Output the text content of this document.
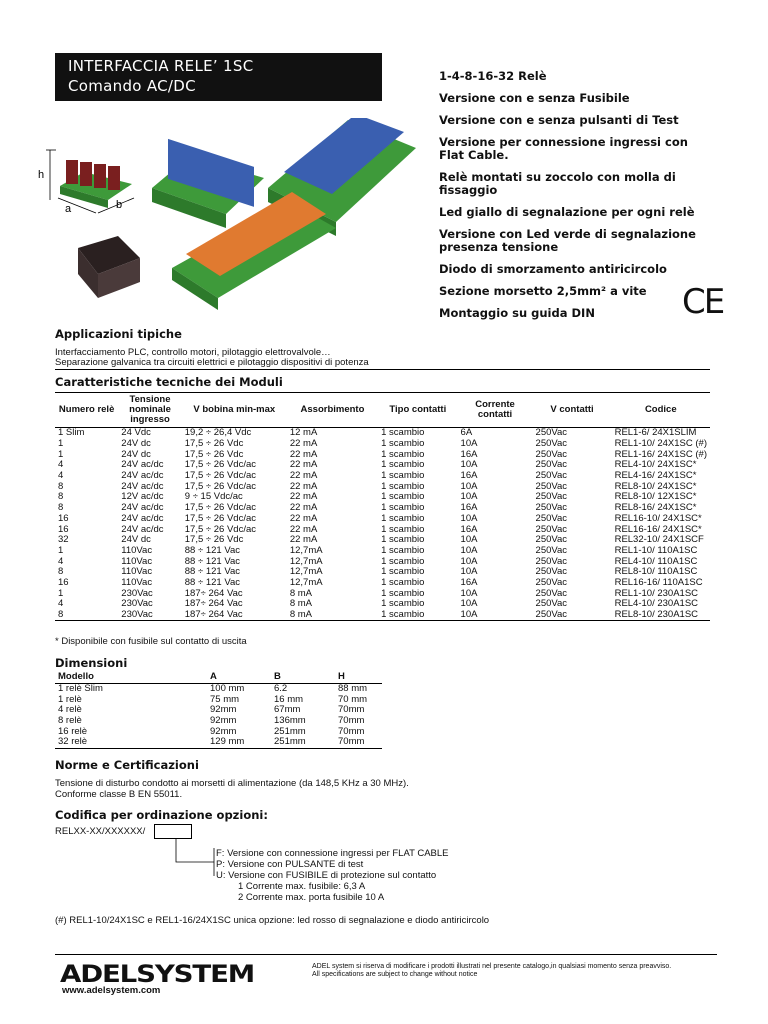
INTERFACCIA RELE’ 1SC
Comando AC/DC
h
a	b
1-4-8-16-32 Relè
Versione con e senza Fusibile
Versione con e senza pulsanti di Test
Versione per connessione ingressi con Flat Cable.
Relè montati su zoccolo con molla di fissaggio
Led giallo di segnalazione per ogni relè
Versione con Led verde di segnalazione presenza tensione
Diodo di smorzamento antiricircolo
Sezione morsetto 2,5mm² a vite
Montaggio su guida DIN	CE
Applicazioni tipiche
Interfacciamento PLC, controllo motori, pilotaggio elettrovalvole…
Separazione galvanica tra circuiti elettrici e pilotaggio dispositivi di potenza
Caratteristiche tecniche dei Moduli
Numero relè	Tensione nominale ingresso	V bobina min-max	Assorbimento	Tipo contatti	Corrente contatti	V contatti	Codice
1 Slim	24 Vdc	19,2 ÷ 26,4 Vdc	12 mA	1 scambio	6A	250Vac	REL1-6/ 24X1SLIM
1	24V dc	17,5 ÷ 26 Vdc	22 mA	1 scambio	10A	250Vac	REL1-10/ 24X1SC (#)
1	24V dc	17,5 ÷ 26 Vdc	22 mA	1 scambio	16A	250Vac	REL1-16/ 24X1SC (#)
4	24V ac/dc	17,5 ÷ 26 Vdc/ac	22 mA	1 scambio	10A	250Vac	REL4-10/ 24X1SC*
4	24V ac/dc	17,5 ÷ 26 Vdc/ac	22 mA	1 scambio	16A	250Vac	REL4-16/ 24X1SC*
8	24V ac/dc	17,5 ÷ 26 Vdc/ac	22 mA	1 scambio	10A	250Vac	REL8-10/ 24X1SC*
8	12V ac/dc	9 ÷ 15 Vdc/ac	22 mA	1 scambio	10A	250Vac	REL8-10/ 12X1SC*
8	24V ac/dc	17,5 ÷ 26 Vdc/ac	22 mA	1 scambio	16A	250Vac	REL8-16/ 24X1SC*
16	24V ac/dc	17,5 ÷ 26 Vdc/ac	22 mA	1 scambio	10A	250Vac	REL16-10/ 24X1SC*
16	24V ac/dc	17,5 ÷ 26 Vdc/ac	22 mA	1 scambio	16A	250Vac	REL16-16/ 24X1SC*
32	24V dc	17,5 ÷ 26 Vdc	22 mA	1 scambio	10A	250Vac	REL32-10/ 24X1SCF
1	110Vac	88 ÷ 121 Vac	12,7mA	1 scambio	10A	250Vac	REL1-10/ 110A1SC
4	110Vac	88 ÷ 121 Vac	12,7mA	1 scambio	10A	250Vac	REL4-10/ 110A1SC
8	110Vac	88 ÷ 121 Vac	12,7mA	1 scambio	10A	250Vac	REL8-10/ 110A1SC
16	110Vac	88 ÷ 121 Vac	12,7mA	1 scambio	16A	250Vac	REL16-16/ 110A1SC
1	230Vac	187÷ 264 Vac	8 mA	1 scambio	10A	250Vac	REL1-10/ 230A1SC
4	230Vac	187÷ 264 Vac	8 mA	1 scambio	10A	250Vac	REL4-10/ 230A1SC
8	230Vac	187÷ 264 Vac	8 mA	1 scambio	10A	250Vac	REL8-10/ 230A1SC
* Disponibile con fusibile sul contatto di uscita
Dimensioni
Modello	A	B	H
1 relè Slim	100 mm	6.2	88 mm
1 relè	75 mm	16 mm	70 mm
4 relè	92mm	67mm	70mm
8 relè	92mm	136mm	70mm
16 relè	92mm	251mm	70mm
32 relè	129 mm	251mm	70mm
Norme e Certificazioni
Tensione di disturbo condotto ai morsetti di alimentazione (da 148,5 KHz a 30 MHz).
Conforme classe B EN 55011.
Codifica per ordinazione opzioni:
RELXX-XX/XXXXXX/
F: Versione con connessione ingressi per FLAT CABLE
P: Versione con PULSANTE di test
U: Versione con FUSIBILE di protezione sul contatto
1 Corrente max. fusibile: 6,3 A
2 Corrente max. porta fusibile 10 A
(#) REL1-10/24X1SC e REL1-16/24X1SC unica opzione: led rosso di segnalazione e diodo antiricircolo
ADELSYSTEM
www.adelsystem.com
ADEL system si riserva di modificare i prodotti illustrati nel presente catalogo,in qualsiasi momento senza preavviso.
All specifications are subject to change without notice
